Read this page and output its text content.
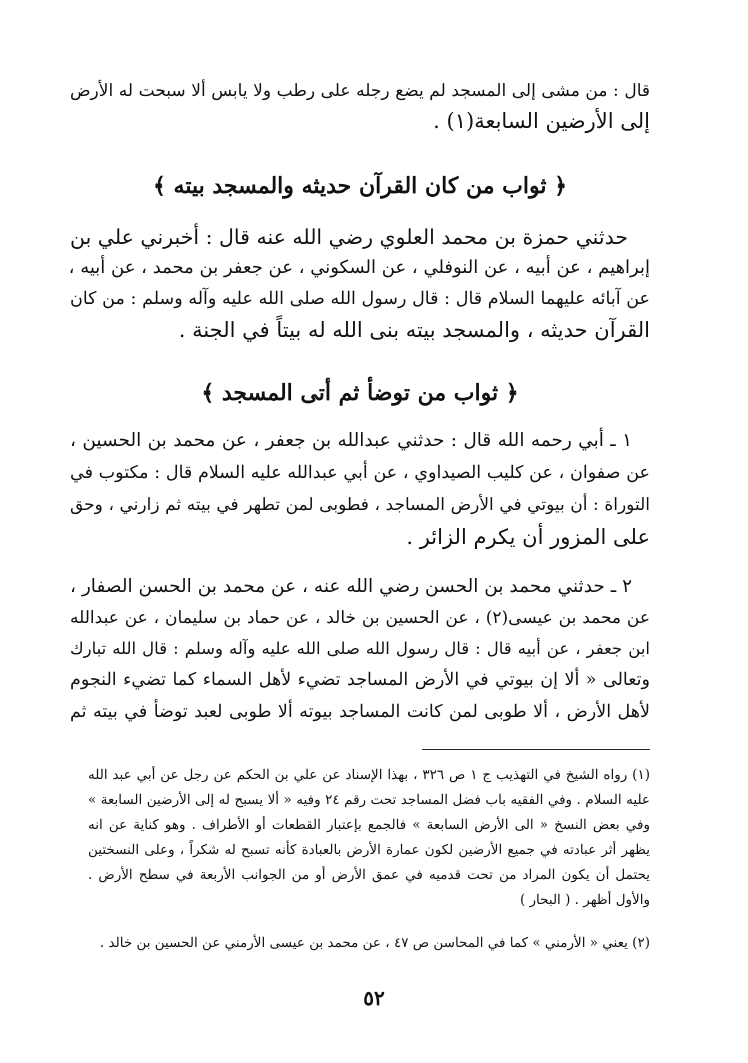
قال : من مشى إلى المسجد لم يضع رجله على رطب ولا يابس ألا سبحت له الأرض
إلى الأرضين السابعة(١) .
﴿ ثواب من كان القرآن حديثه والمسجد بيته ﴾
حدثني حمزة بن محمد العلوي رضي الله عنه قال : أخبرني علي بن
إبراهيم ، عن أبيه ، عن النوفلي ، عن السكوني ، عن جعفر بن محمد ، عن أبيه ،
عن آبائه عليهما السلام قال : قال رسول الله صلى الله عليه وآله وسلم : من كان
القرآن حديثه ، والمسجد بيته بنى الله له بيتاً في الجنة .
﴿ ثواب من توضأ ثم أتى المسجد ﴾
١ ـ أبي رحمه الله قال : حدثني عبدالله بن جعفر ، عن محمد بن الحسين ،
عن صفوان ، عن كليب الصيداوي ، عن أبي عبدالله عليه السلام قال : مكتوب في
التوراة : أن بيوتي في الأرض المساجد ، فطوبى لمن تطهر في بيته ثم زارني ، وحق
على المزور أن يكرم الزائر .
٢ ـ حدثني محمد بن الحسن رضي الله عنه ، عن محمد بن الحسن الصفار ،
عن محمد بن عيسى(٢) ، عن الحسين بن خالد ، عن حماد بن سليمان ، عن عبدالله
ابن جعفر ، عن أبيه قال : قال رسول الله صلى الله عليه وآله وسلم : قال الله تبارك
وتعالى « ألا إن بيوتي في الأرض المساجد تضيء لأهل السماء كما تضيء النجوم
لأهل الأرض ، ألا طوبى لمن كانت المساجد بيوته ألا طوبى لعبد توضأ في بيته ثم
(١) رواه الشيخ في التهذيب ج ١ ص ٣٢٦ ، بهذا الإسناد عن علي بن الحكم عن رجل عن أبي عبد الله
عليه السلام . وفي الفقيه باب فضل المساجد تحت رقم ٢٤ وفيه « ألا يسبح له إلى الأرضين السابعة »
وفي بعض النسخ « الى الأرض السابعة » فالجمع بإعتبار القطعات أو الأطراف . وهو كناية عن انه
يظهر أثر عبادته في جميع الأرضين لكون عمارة الأرض بالعبادة كأنه تسبح له شكراً ، وعلى النسختين
يحتمل أن يكون المراد من تحت قدميه في عمق الأرض أو من الجوانب الأربعة في سطح الأرض .
والأول أظهر . ( البحار )
(٢) يعني « الأرمني » كما في المحاسن ص ٤٧ ، عن محمد بن عيسى الأرمني عن الحسين بن خالد .
٥٢
